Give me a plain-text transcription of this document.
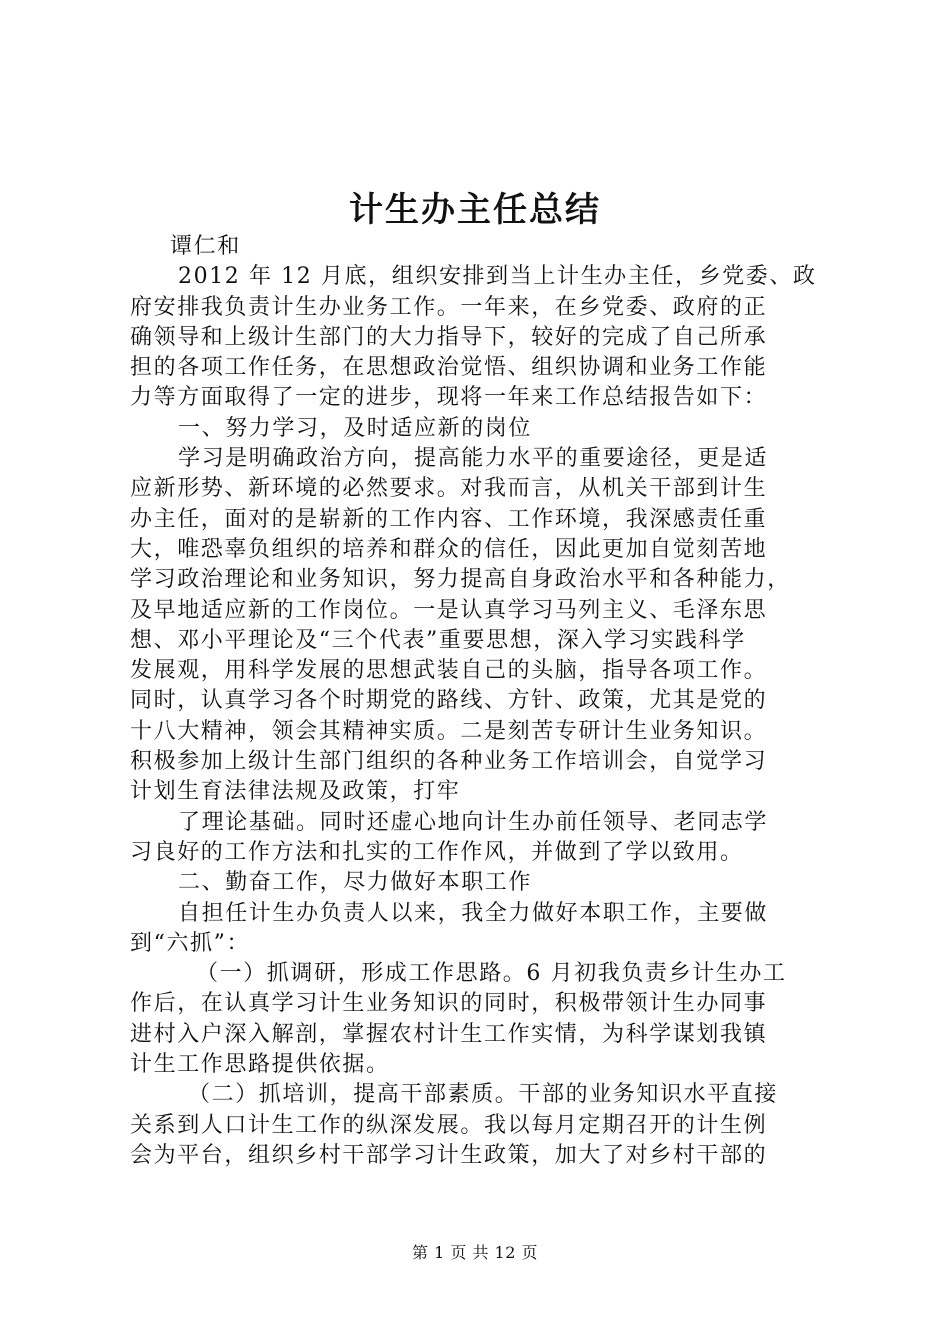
计生办主任总结

谭仁和

2012 年 12 月底，组织安排到当上计生办主任，乡党委、政

府安排我负责计生办业务工作。一年来，在乡党委、政府的正

确领导和上级计生部门的大力指导下，较好的完成了自己所承

担的各项工作任务，在思想政治觉悟、组织协调和业务工作能

力等方面取得了一定的进步，现将一年来工作总结报告如下：

一、努力学习，及时适应新的岗位

学习是明确政治方向，提高能力水平的重要途径，更是适

应新形势、新环境的必然要求。对我而言，从机关干部到计生

办主任，面对的是崭新的工作内容、工作环境，我深感责任重

大，唯恐辜负组织的培养和群众的信任，因此更加自觉刻苦地

学习政治理论和业务知识，努力提高自身政治水平和各种能力，

及早地适应新的工作岗位。一是认真学习马列主义、毛泽东思

想、邓小平理论及“三个代表”重要思想，深入学习实践科学

发展观，用科学发展的思想武装自己的头脑，指导各项工作。

同时，认真学习各个时期党的路线、方针、政策，尤其是党的

十八大精神，领会其精神实质。二是刻苦专研计生业务知识。

积极参加上级计生部门组织的各种业务工作培训会，自觉学习

计划生育法律法规及政策，打牢

了理论基础。同时还虚心地向计生办前任领导、老同志学

习良好的工作方法和扎实的工作作风，并做到了学以致用。

二、勤奋工作，尽力做好本职工作

自担任计生办负责人以来，我全力做好本职工作，主要做

到“六抓”：

（一）抓调研，形成工作思路。6 月初我负责乡计生办工

作后，在认真学习计生业务知识的同时，积极带领计生办同事

进村入户深入解剖，掌握农村计生工作实情，为科学谋划我镇

计生工作思路提供依据。

（二）抓培训，提高干部素质。干部的业务知识水平直接

关系到人口计生工作的纵深发展。我以每月定期召开的计生例

会为平台，组织乡村干部学习计生政策，加大了对乡村干部的

第 1 页 共 12 页
